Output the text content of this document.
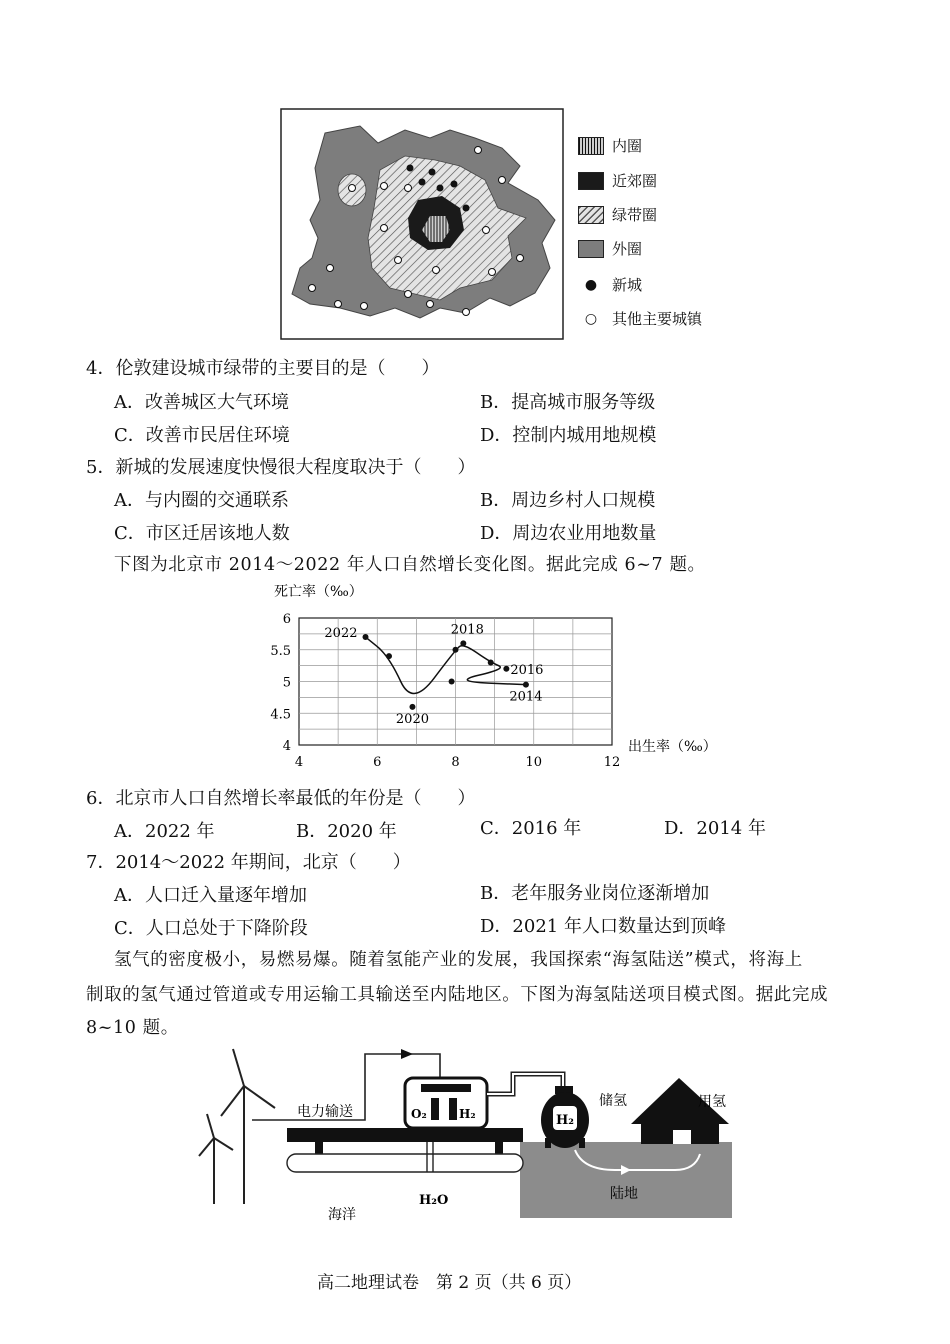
内圈
近郊圈
绿带圈
外圈
● 新城
○ 其他主要城镇
4．伦敦建设城市绿带的主要目的是（　　）
A．改善城区大气环境	B．提高城市服务等级
C．改善市民居住环境	D．控制内城用地规模
5．新城的发展速度快慢很大程度取决于（　　）
A．与内圈的交通联系	B．周边乡村人口规模
C．市区迁居该地人数	D．周边农业用地数量
下图为北京市 2014～2022 年人口自然增长变化图。据此完成 6~7 题。
死亡率（‰）
出生率（‰）
4	6	8	10	12
4
4.5
5
5.5
6
2014
2016
2018
2020
2022
6．北京市人口自然增长率最低的年份是（　　）
A．2022 年	B．2020 年	C．2016 年	D．2014 年
7．2014～2022 年期间，北京（　　）
A．人口迁入量逐年增加	B．老年服务业岗位逐渐增加
C．人口总处于下降阶段	D．2021 年人口数量达到顶峰
氢气的密度极小，易燃易爆。随着氢能产业的发展，我国探索“海氢陆送”模式，将海上
制取的氢气通过管道或专用运输工具输送至内陆地区。下图为海氢陆送项目模式图。据此完成
8~10 题。
O₂	H₂	H₂
电力输送
储氢	用氢
陆地
海洋
H₂O
高二地理试卷　第 2 页（共 6 页）
